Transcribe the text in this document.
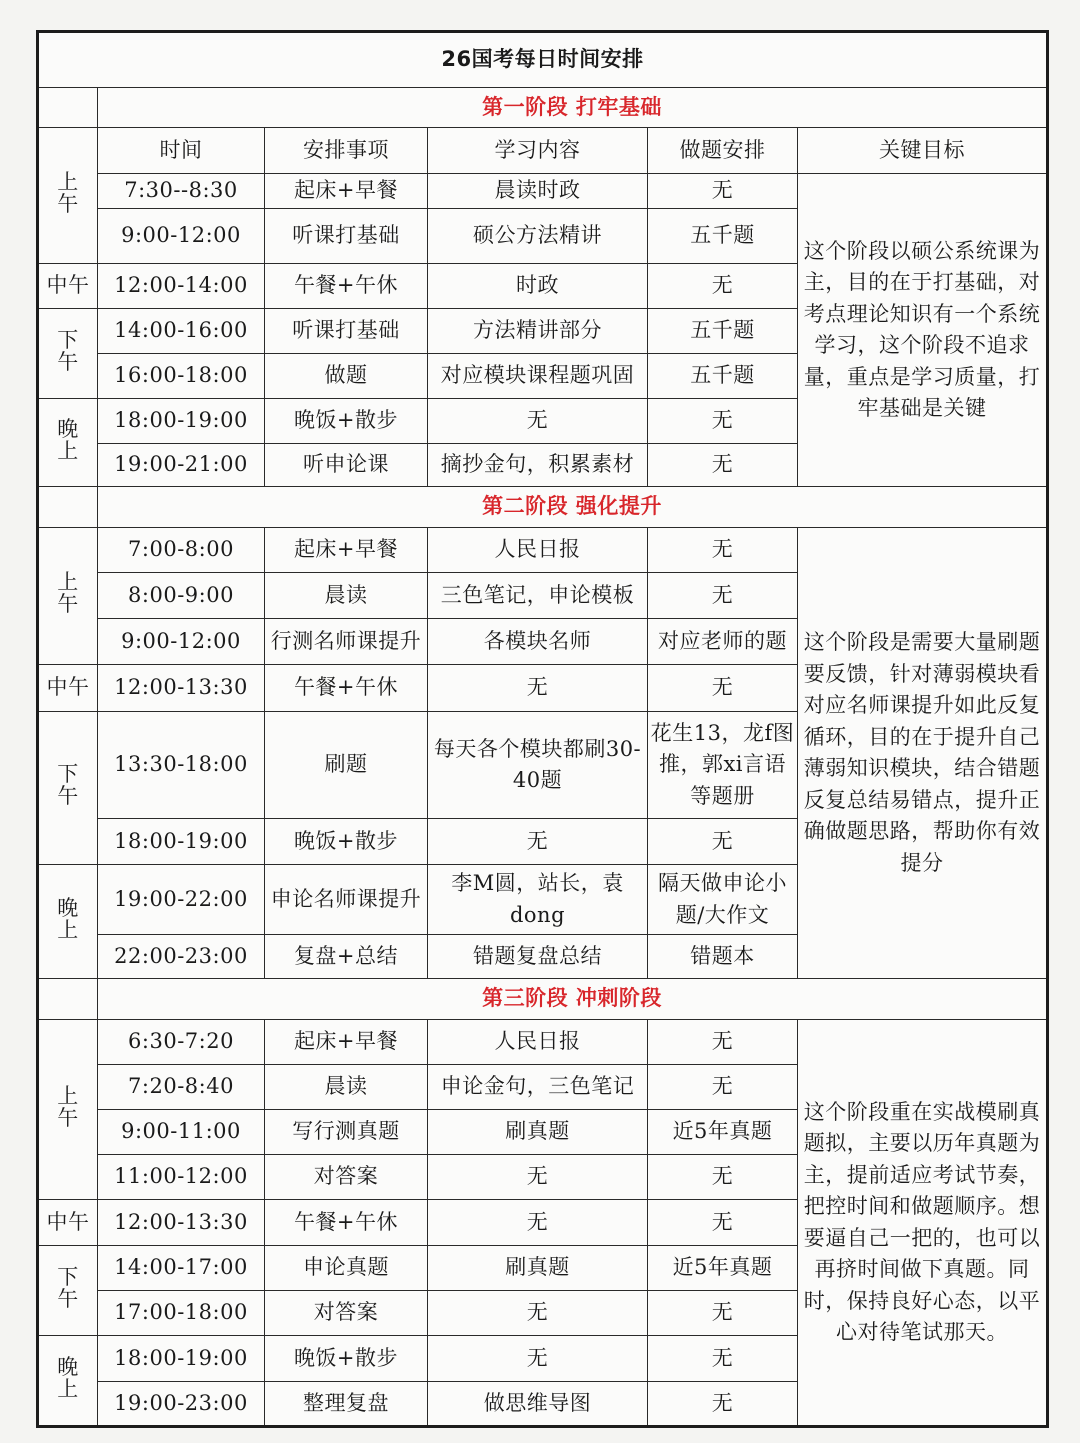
26国考每日时间安排					
	第一阶段 打牢基础				
上午	时间	安排事项	学习内容	做题安排	关键目标
	7:30--8:30	起床+早餐	晨读时政	无	这个阶段以硕公系统课为主，目的在于打基础，对考点理论知识有一个系统学习，这个阶段不追求量，重点是学习质量，打牢基础是关键
	9:00-12:00	听课打基础	硕公方法精讲	五千题	
中午	12:00-14:00	午餐+午休	时政	无	
下午	14:00-16:00	听课打基础	方法精讲部分	五千题	
	16:00-18:00	做题	对应模块课程题巩固	五千题	
晚上	18:00-19:00	晚饭+散步	无	无	
	19:00-21:00	听申论课	摘抄金句，积累素材	无	
	第二阶段 强化提升				
上午	7:00-8:00	起床+早餐	人民日报	无	这个阶段是需要大量刷题要反馈，针对薄弱模块看对应名师课提升如此反复循环，目的在于提升自己薄弱知识模块，结合错题反复总结易错点，提升正确做题思路，帮助你有效提分
	8:00-9:00	晨读	三色笔记，申论模板	无	
	9:00-12:00	行测名师课提升	各模块名师	对应老师的题	
中午	12:00-13:30	午餐+午休	无	无	
下午	13:30-18:00	刷题	每天各个模块都刷30-40题	花生13，龙f图推，郭xi言语等题册	
	18:00-19:00	晚饭+散步	无	无	
晚上	19:00-22:00	申论名师课提升	李M圆，站长，袁dong	隔天做申论小题/大作文	
	22:00-23:00	复盘+总结	错题复盘总结	错题本	
	第三阶段 冲刺阶段				
上午	6:30-7:20	起床+早餐	人民日报	无	这个阶段重在实战模刷真题拟，主要以历年真题为主，提前适应考试节奏，把控时间和做题顺序。想要逼自己一把的，也可以再挤时间做下真题。同时，保持良好心态，以平心对待笔试那天。
	7:20-8:40	晨读	申论金句，三色笔记	无	
	9:00-11:00	写行测真题	刷真题	近5年真题	
	11:00-12:00	对答案	无	无	
中午	12:00-13:30	午餐+午休	无	无	
下午	14:00-17:00	申论真题	刷真题	近5年真题	
	17:00-18:00	对答案	无	无	
晚上	18:00-19:00	晚饭+散步	无	无	
	19:00-23:00	整理复盘	做思维导图	无	
